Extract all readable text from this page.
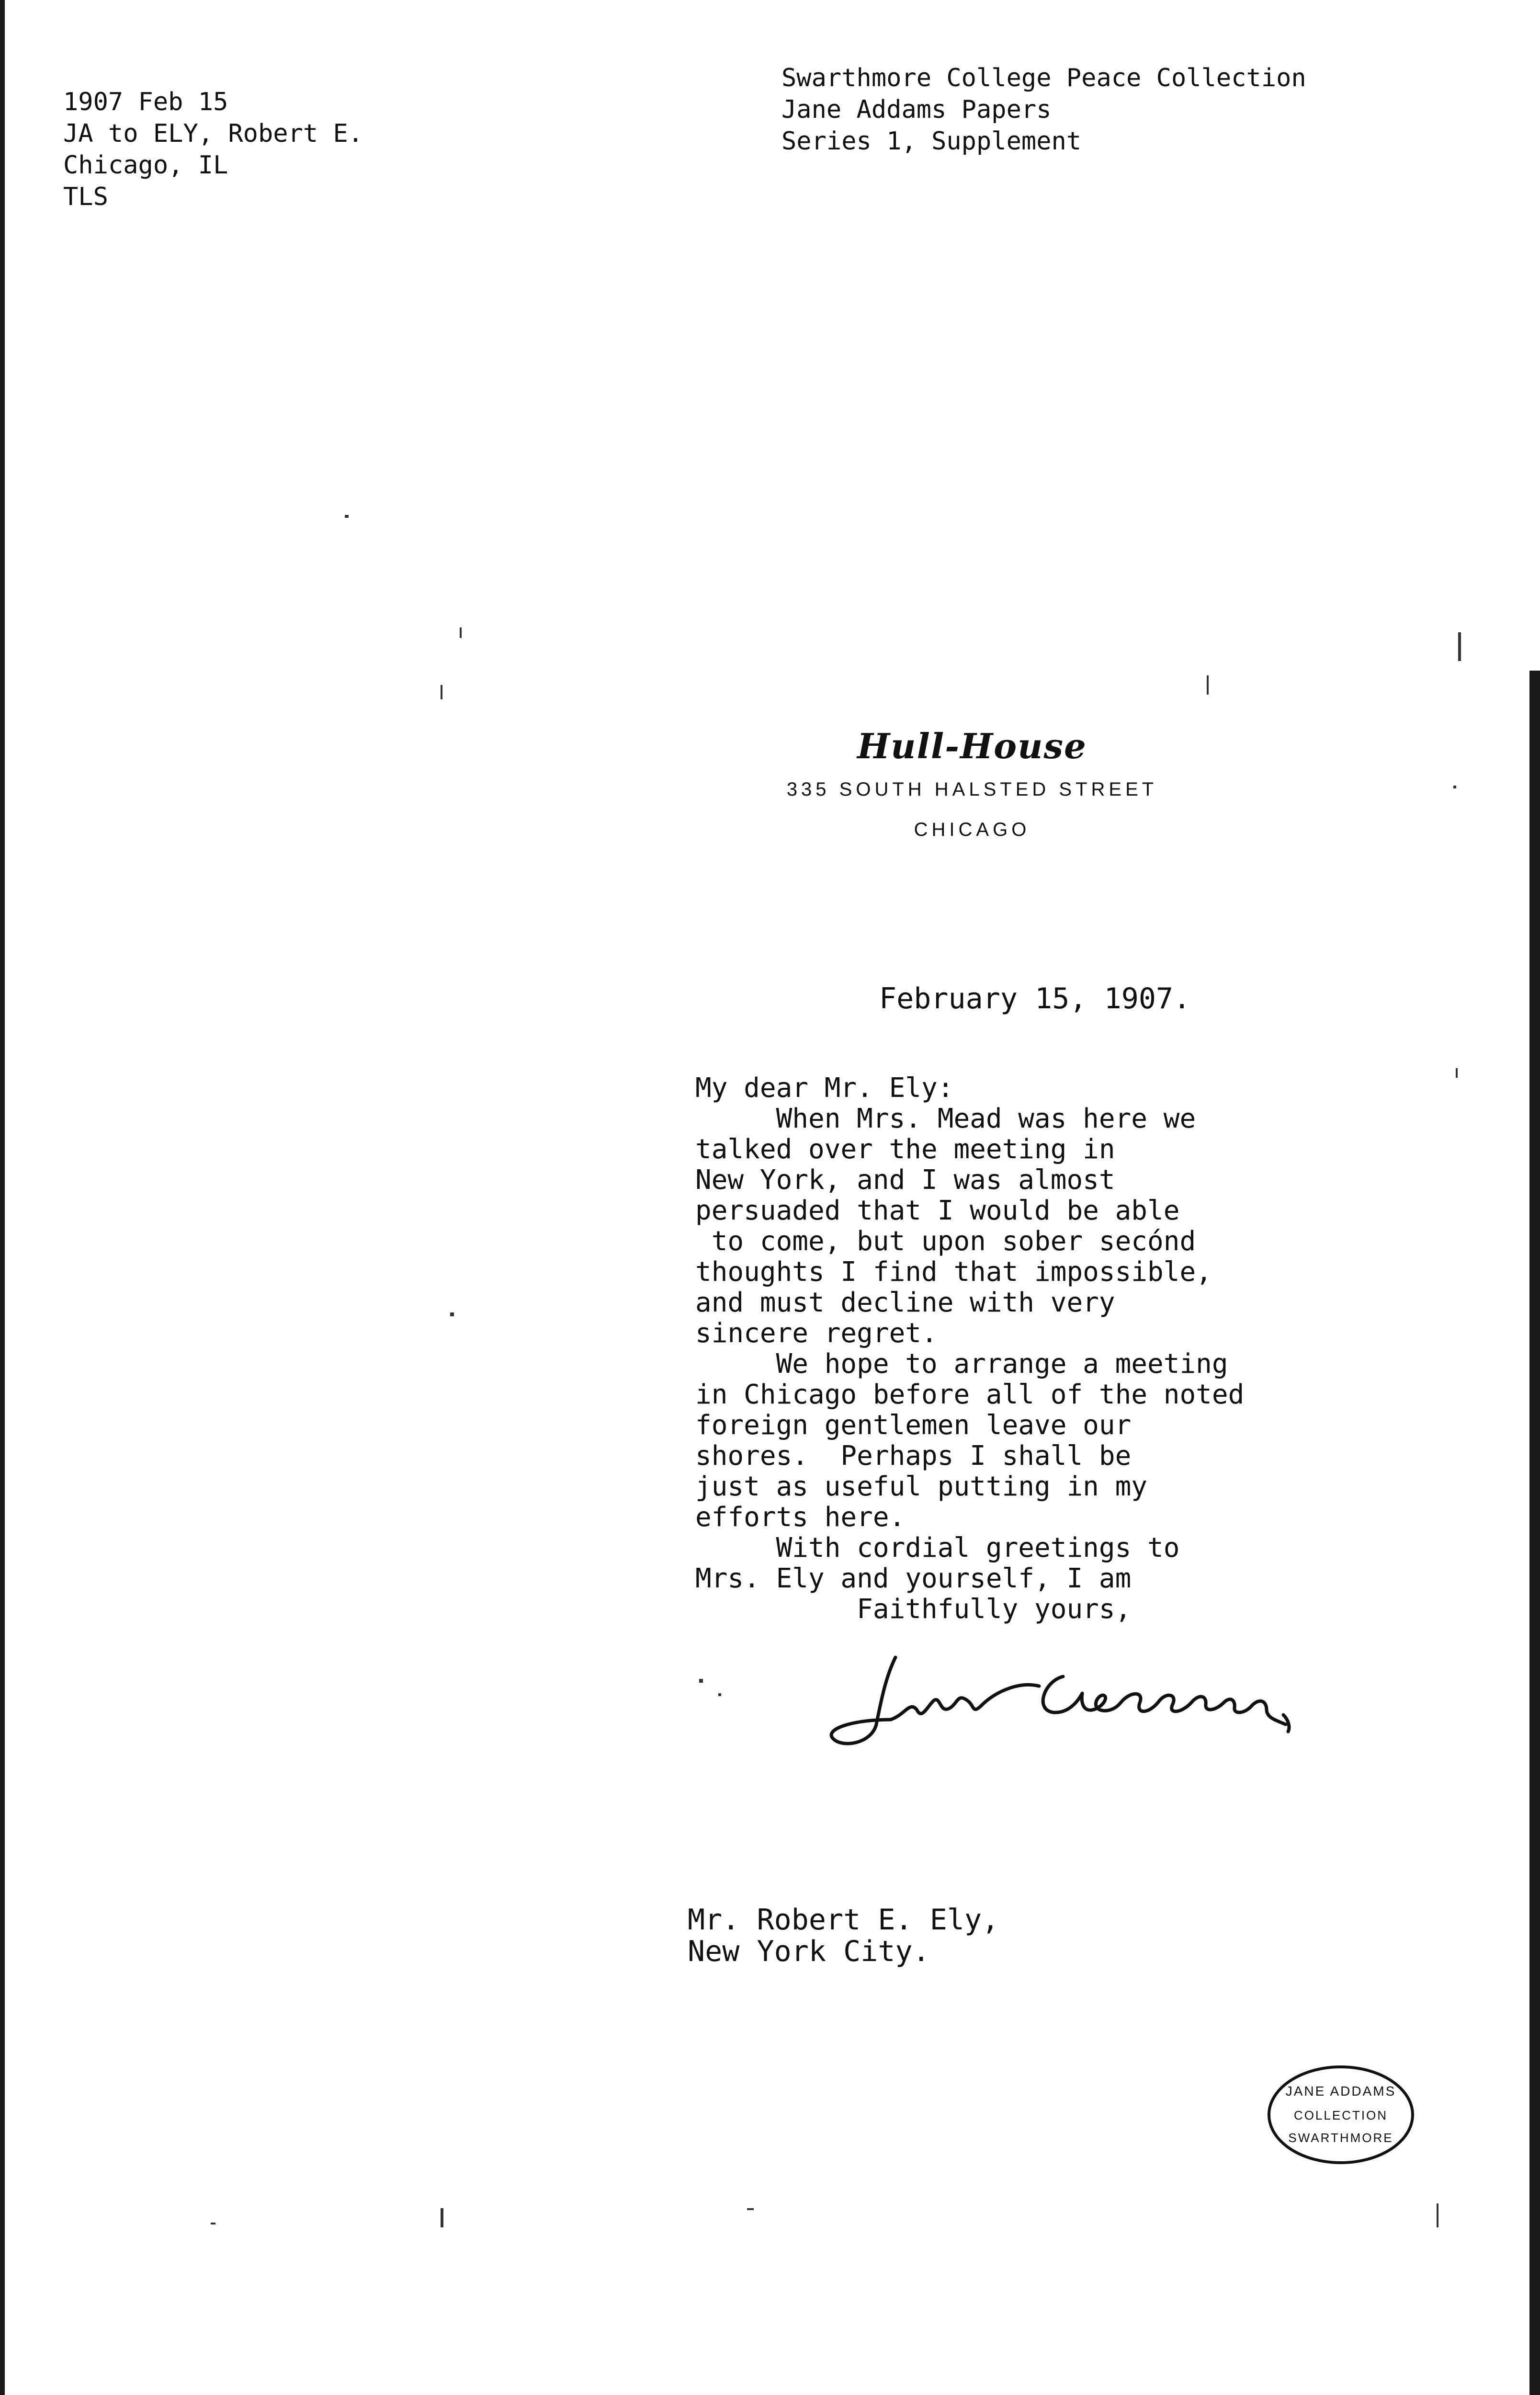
1907 Feb 15
JA to ELY, Robert E.
Chicago, IL
TLS
Swarthmore College Peace Collection
Jane Addams Papers
Series 1, Supplement
Hull-House
335 SOUTH HALSTED STREET
CHICAGO
February 15, 1907.
My dear Mr. Ely:
When Mrs. Mead was here we
talked over the meeting in
New York, and I was almost
persuaded that I would be able
to come, but upon sober secónd
thoughts I find that impossible,
and must decline with very
sincere regret.
We hope to arrange a meeting
in Chicago before all of the noted
foreign gentlemen leave our
shores.  Perhaps I shall be
just as useful putting in my
efforts here.
With cordial greetings to
Mrs. Ely and yourself, I am
Faithfully yours,
Mr. Robert E. Ely,
New York City.
JANE ADDAMS
COLLECTION
SWARTHMORE
